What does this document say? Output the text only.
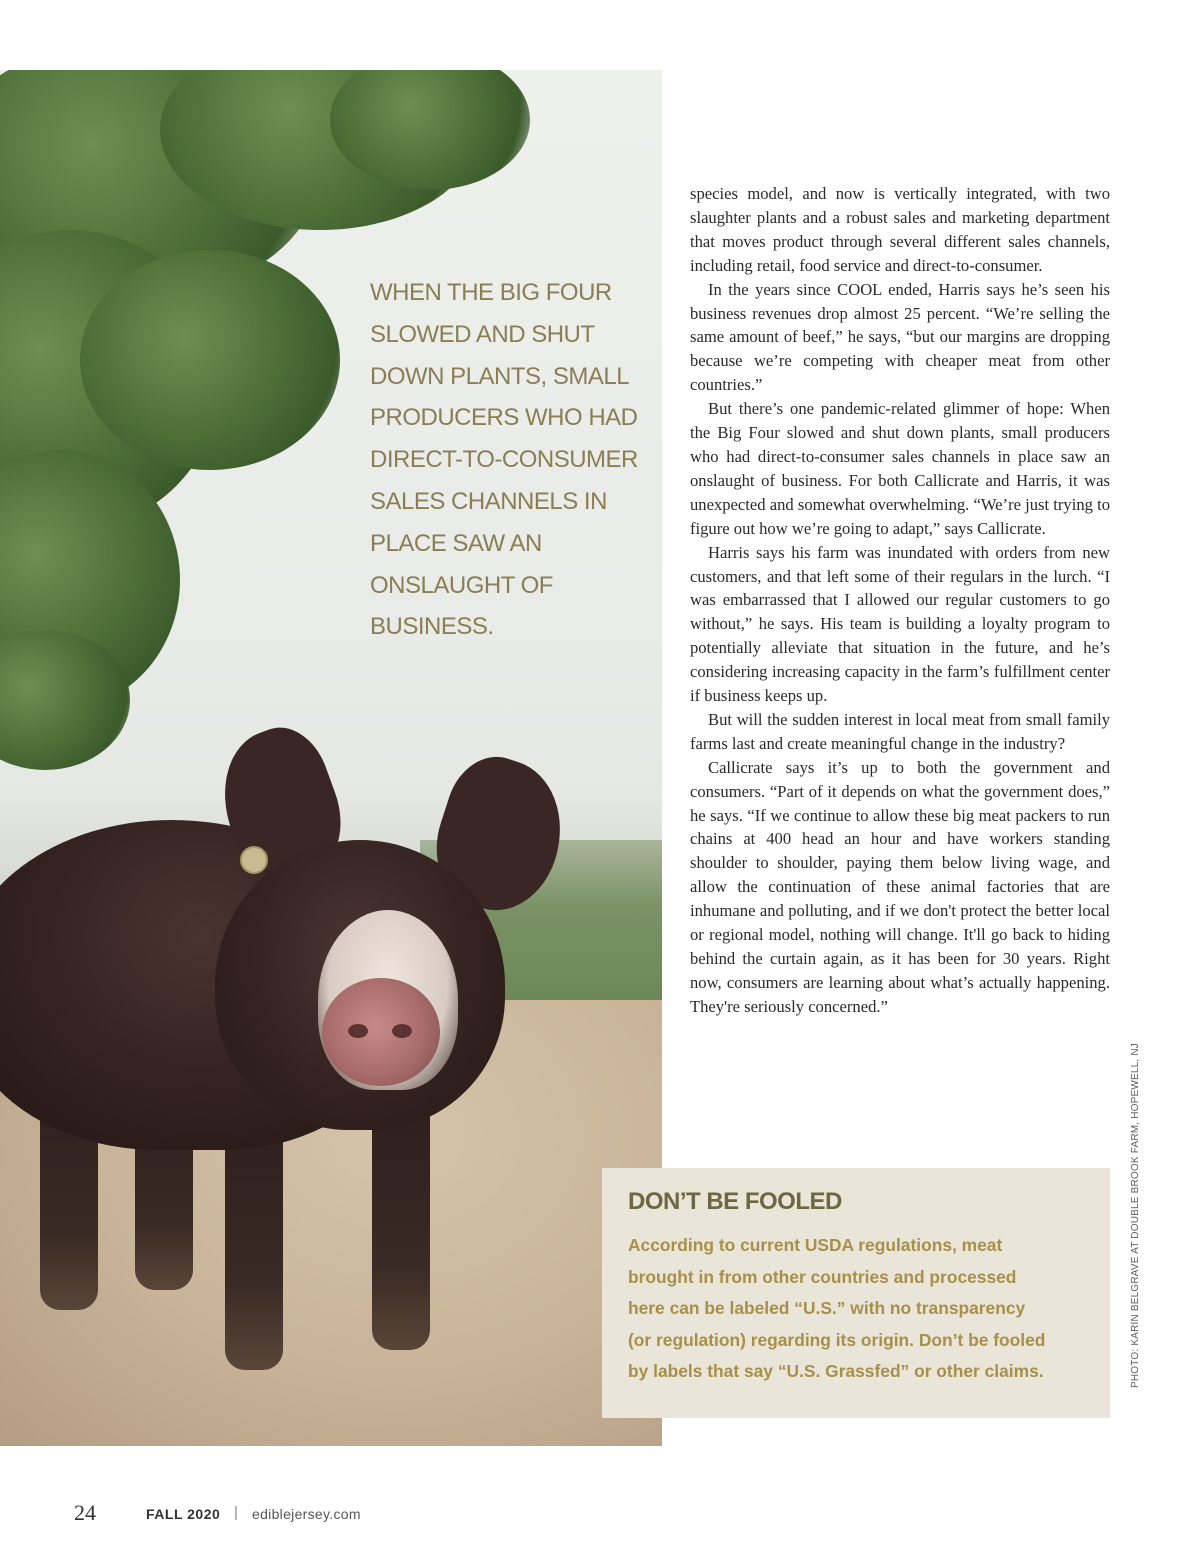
WHEN THE BIG FOUR
SLOWED AND SHUT
DOWN PLANTS, SMALL
PRODUCERS WHO HAD
DIRECT-TO-CONSUMER
SALES CHANNELS IN
PLACE SAW AN
ONSLAUGHT OF
BUSINESS.

species model, and now is vertically integrated, with two slaughter plants and a robust sales and marketing department that moves product through several different sales channels, including retail, food service and direct-to-consumer.

In the years since COOL ended, Harris says he’s seen his business revenues drop almost 25 percent. “We’re selling the same amount of beef,” he says, “but our margins are dropping because we’re competing with cheaper meat from other countries.”

But there’s one pandemic-related glimmer of hope: When the Big Four slowed and shut down plants, small producers who had direct-to-consumer sales channels in place saw an onslaught of business. For both Callicrate and Harris, it was unexpected and somewhat overwhelming. “We’re just trying to figure out how we’re going to adapt,” says Callicrate.

Harris says his farm was inundated with orders from new customers, and that left some of their regulars in the lurch. “I was embarrassed that I allowed our regular customers to go without,” he says. His team is building a loyalty program to potentially alleviate that situation in the future, and he’s considering increasing capacity in the farm’s fulfillment center if business keeps up.

But will the sudden interest in local meat from small family farms last and create meaningful change in the industry?

Callicrate says it’s up to both the government and consumers. “Part of it depends on what the government does,” he says. “If we continue to allow these big meat packers to run chains at 400 head an hour and have workers standing shoulder to shoulder, paying them below living wage, and allow the continuation of these animal factories that are inhumane and polluting, and if we don't protect the better local or regional model, nothing will change. It'll go back to hiding behind the curtain again, as it has been for 30 years. Right now, consumers are learning about what’s actually happening. They're seriously concerned.”

DON’T BE FOOLED

According to current USDA regulations, meat
brought in from other countries and processed
here can be labeled “U.S.” with no transparency
(or regulation) regarding its origin. Don’t be fooled
by labels that say “U.S. Grassfed” or other claims.	PHOTO: KARIN BELGRAVE AT DOUBLE BROOK FARM, HOPEWELL, NJ
24	FALL 2020 | ediblejersey.com
